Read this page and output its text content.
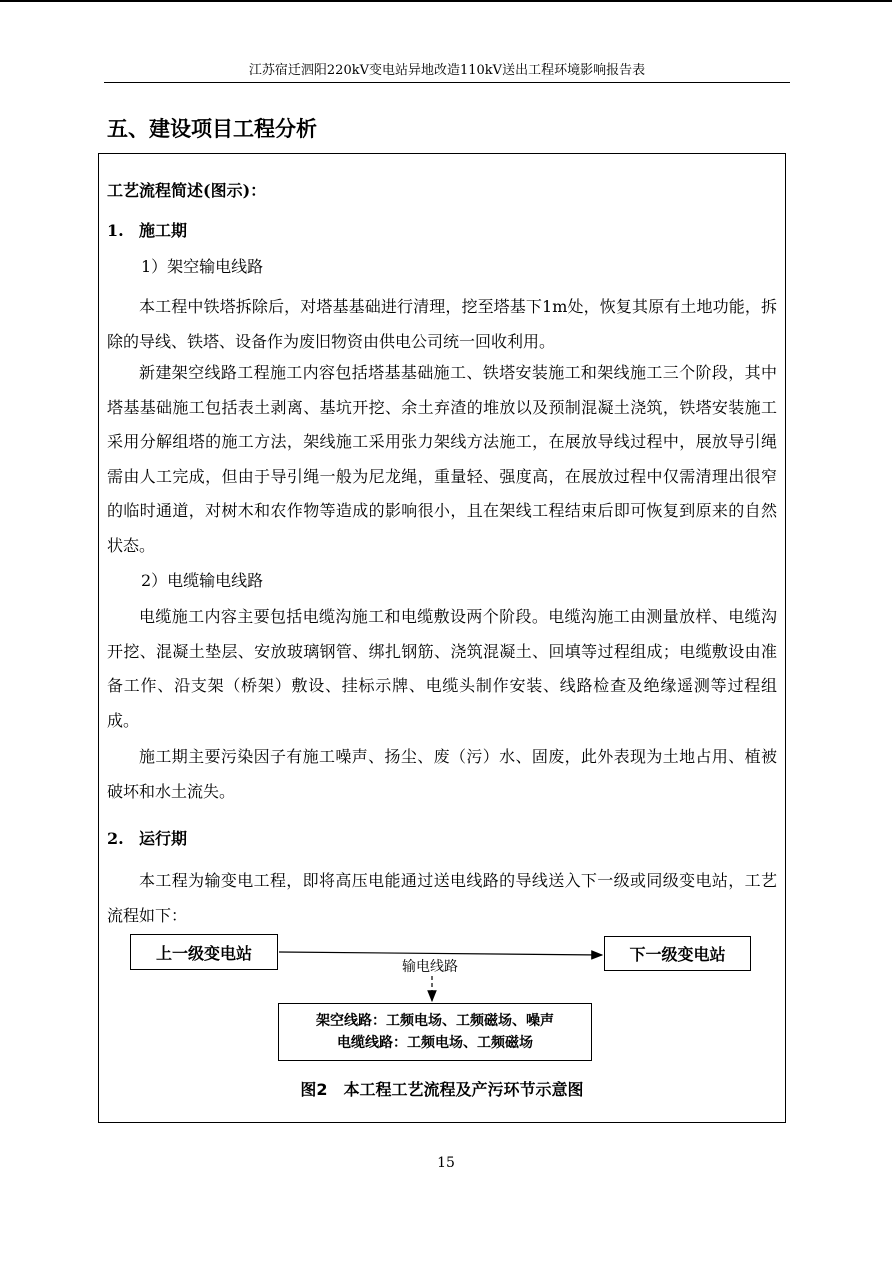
江苏宿迁泗阳220kV变电站异地改造110kV送出工程环境影响报告表
五、建设项目工程分析
工艺流程简述(图示)：
1. 施工期
1）架空输电线路
本工程中铁塔拆除后，对塔基基础进行清理，挖至塔基下1m处，恢复其原有土地功能，拆除的导线、铁塔、设备作为废旧物资由供电公司统一回收利用。
新建架空线路工程施工内容包括塔基基础施工、铁塔安装施工和架线施工三个阶段，其中塔基基础施工包括表土剥离、基坑开挖、余土弃渣的堆放以及预制混凝土浇筑，铁塔安装施工采用分解组塔的施工方法，架线施工采用张力架线方法施工，在展放导线过程中，展放导引绳需由人工完成，但由于导引绳一般为尼龙绳，重量轻、强度高，在展放过程中仅需清理出很窄的临时通道，对树木和农作物等造成的影响很小，且在架线工程结束后即可恢复到原来的自然状态。
2）电缆输电线路
电缆施工内容主要包括电缆沟施工和电缆敷设两个阶段。电缆沟施工由测量放样、电缆沟开挖、混凝土垫层、安放玻璃钢管、绑扎钢筋、浇筑混凝土、回填等过程组成；电缆敷设由准备工作、沿支架（桥架）敷设、挂标示牌、电缆头制作安装、线路检查及绝缘遥测等过程组成。
施工期主要污染因子有施工噪声、扬尘、废（污）水、固废，此外表现为土地占用、植被破坏和水土流失。
2. 运行期
本工程为输变电工程，即将高压电能通过送电线路的导线送入下一级或同级变电站，工艺流程如下：
上一级变电站	下一级变电站
输电线路
架空线路：工频电场、工频磁场、噪声
电缆线路：工频电场、工频磁场
图2　本工程工艺流程及产污环节示意图
15
